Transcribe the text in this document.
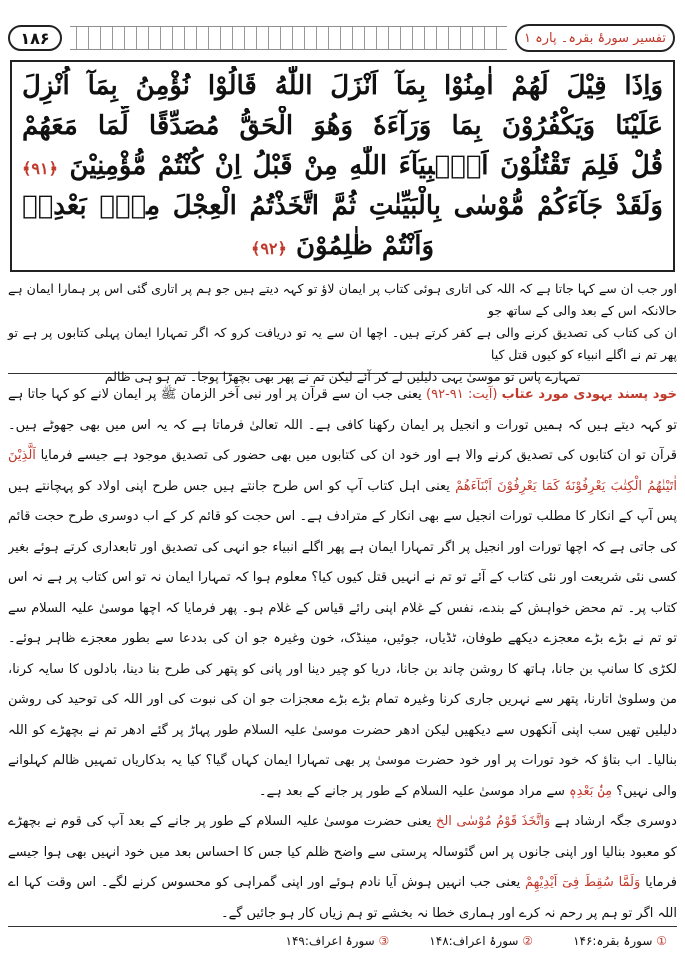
۱۸۶	تفسیر سورۂ بقرہ۔ پارہ ۱
وَاِذَا قِيْلَ لَهُمْ اٰمِنُوْا بِمَآ اَنْزَلَ اللّٰهُ قَالُوْا نُؤْمِنُ بِمَآ اُنْزِلَ
عَلَيْنَا وَيَكْفُرُوْنَ بِمَا وَرَآءَهٗ وَهُوَ الْحَقُّ مُصَدِّقًا لِّمَا مَعَهُمْ
قُلْ فَلِمَ تَقْتُلُوْنَ اَنْۢبِيَآءَ اللّٰهِ مِنْ قَبْلُ اِنْ كُنْتُمْ مُّؤْمِنِيْنَ ﴿۹۱﴾
وَلَقَدْ جَآءَكُمْ مُّوْسٰى بِالْبَيِّنٰتِ ثُمَّ اتَّخَذْتُمُ الْعِجْلَ مِنْۢ بَعْدِهٖ
وَاَنْتُمْ ظٰلِمُوْنَ ﴿۹۲﴾

اور جب ان سے کہا جاتا ہے کہ اللہ کی اتاری ہوئی کتاب پر ایمان لاؤ تو کہہ دیتے ہیں جو ہم پر اتاری گئی اس پر ہمارا ایمان ہے حالانکہ اس کے بعد والی کے ساتھ جو

ان کی کتاب کی تصدیق کرنے والی ہے کفر کرتے ہیں۔ اچھا ان سے یہ تو دریافت کرو کہ اگر تمہارا ایمان پہلی کتابوں پر ہے تو پھر تم نے اگلے انبیاء کو کیوں قتل کیا

تمہارے پاس تو موسیٰ یہی دلیلیں لے کر آئے لیکن تم نے پھر بھی بچھڑا پوجا۔ تم ہو ہی ظالم

خود پسند یہودی مورد عتاب (آیت: ۹۱-۹۲) یعنی جب ان سے قرآن پر اور نبی آخر الزمان ﷺ پر ایمان لانے کو کہا جاتا ہے تو کہہ دیتے ہیں کہ ہمیں تورات و انجیل پر ایمان رکھنا کافی ہے۔ اللہ تعالیٰ فرماتا ہے کہ یہ اس میں بھی جھوٹے ہیں۔ قرآن تو ان کتابوں کی تصدیق کرنے والا ہے اور خود ان کی کتابوں میں بھی حضور کی تصدیق موجود ہے جیسے فرمایا اَلَّذِيْنَ اٰتَيْنٰهُمُ الْكِتٰبَ يَعْرِفُوْنَهٗ كَمَا يَعْرِفُوْنَ اَبْنَآءَهُمْ یعنی اہل کتاب آپ کو اس طرح جانتے ہیں جس طرح اپنی اولاد کو پہچانتے ہیں پس آپ کے انکار کا مطلب تورات انجیل سے بھی انکار کے مترادف ہے۔ اس حجت کو قائم کر کے اب دوسری طرح حجت قائم کی جاتی ہے کہ اچھا تورات اور انجیل پر اگر تمہارا ایمان ہے پھر اگلے انبیاء جو انہی کی تصدیق اور تابعداری کرتے ہوئے بغیر کسی نئی شریعت اور نئی کتاب کے آئے تو تم نے انہیں قتل کیوں کیا؟ معلوم ہوا کہ تمہارا ایمان نہ تو اس کتاب پر ہے نہ اس کتاب پر۔ تم محض خواہش کے بندے، نفس کے غلام اپنی رائے قیاس کے غلام ہو۔ پھر فرمایا کہ اچھا موسیٰ علیہ السلام سے تو تم نے بڑے بڑے معجزے دیکھے طوفان، ٹڈیاں، جوئیں، مینڈک، خون وغیرہ جو ان کی بددعا سے بطور معجزے ظاہر ہوئے۔ لکڑی کا سانپ بن جانا، ہاتھ کا روشن چاند بن جانا، دریا کو چیر دینا اور پانی کو پتھر کی طرح بنا دینا، بادلوں کا سایہ کرنا، من وسلویٰ اتارنا، پتھر سے نہریں جاری کرنا وغیرہ تمام بڑے بڑے معجزات جو ان کی نبوت کی اور اللہ کی توحید کی روشن دلیلیں تھیں سب اپنی آنکھوں سے دیکھیں لیکن ادھر حضرت موسیٰ علیہ السلام طور پہاڑ پر گئے ادھر تم نے بچھڑے کو اللہ بنالیا۔ اب بتاؤ کہ خود تورات پر اور خود حضرت موسیٰ پر بھی تمہارا ایمان کہاں گیا؟ کیا یہ بدکاریاں تمہیں ظالم کہلوانے والی نہیں؟ مِنْۢ بَعْدِهٖ سے مراد موسیٰ علیہ السلام کے طور پر جانے کے بعد ہے۔

دوسری جگہ ارشاد ہے وَاتَّخَذَ قَوْمُ مُوْسٰى الخ یعنی حضرت موسیٰ علیہ السلام کے طور پر جانے کے بعد آپ کی قوم نے بچھڑے کو معبود بنالیا اور اپنی جانوں پر اس گئوسالہ پرستی سے واضح ظلم کیا جس کا احساس بعد میں خود انہیں بھی ہوا جیسے فرمایا وَلَمَّا سُقِطَ فِیٓ اَيْدِيْهِمْ یعنی جب انہیں ہوش آیا نادم ہوئے اور اپنی گمراہی کو محسوس کرنے لگے۔ اس وقت کہا اے اللہ اگر تو ہم پر رحم نہ کرے اور ہماری خطا نہ بخشے تو ہم زیاں کار ہو جائیں گے۔

① سورۂ بقرہ:۱۴۶
② سورۂ اعراف:۱۴۸
③ سورۂ اعراف:۱۴۹
